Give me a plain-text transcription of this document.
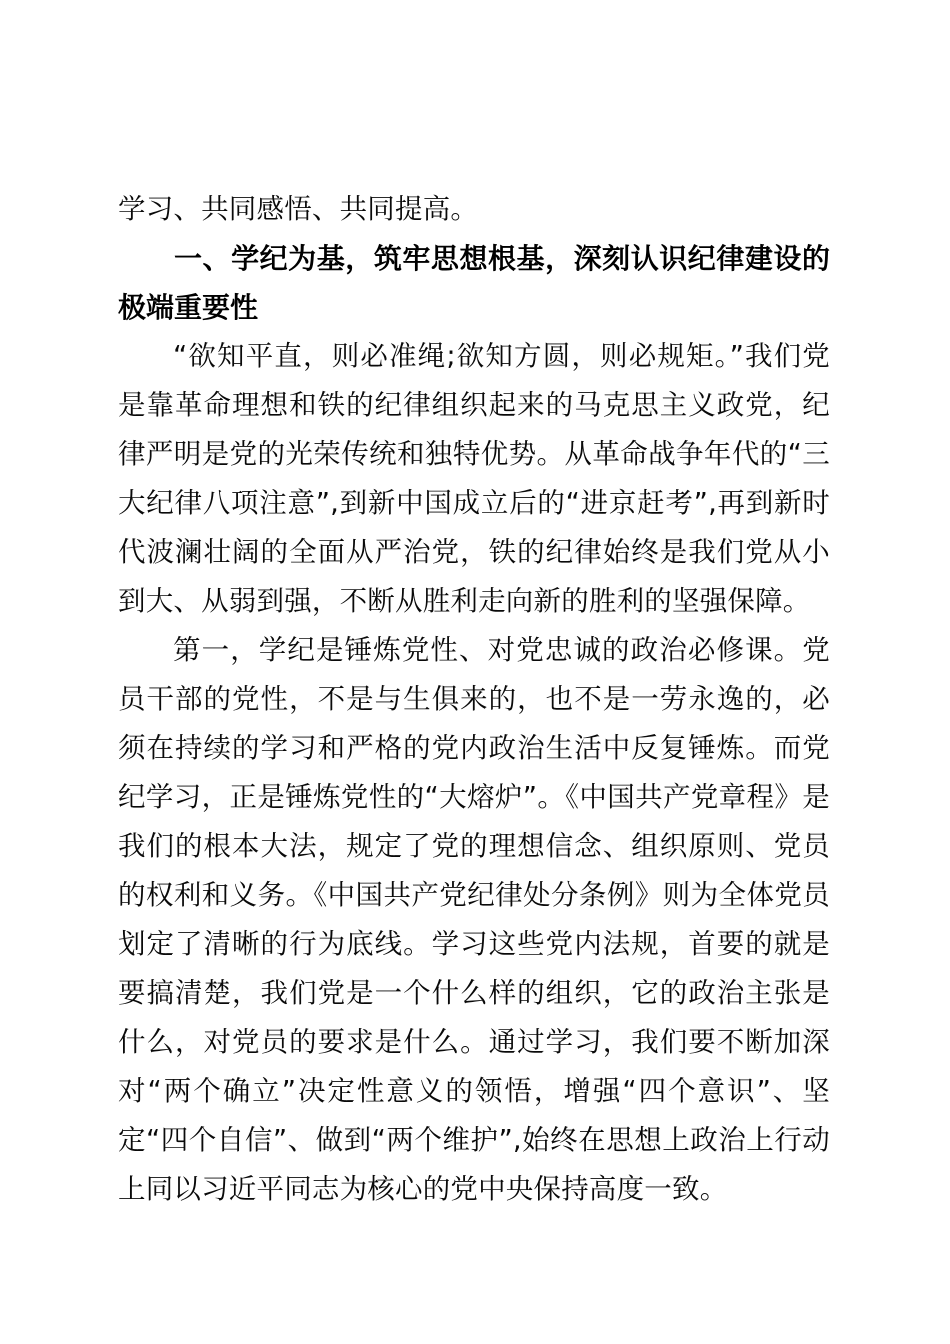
学习、共同感悟、共同提高。

一、学纪为基，筑牢思想根基，深刻认识纪律建设的极端重要性

“欲知平直，则必准绳;欲知方圆，则必规矩。”我们党是靠革命理想和铁的纪律组织起来的马克思主义政党，纪律严明是党的光荣传统和独特优势。从革命战争年代的“三大纪律八项注意”,到新中国成立后的“进京赶考”,再到新时代波澜壮阔的全面从严治党，铁的纪律始终是我们党从小到大、从弱到强，不断从胜利走向新的胜利的坚强保障。

第一，学纪是锤炼党性、对党忠诚的政治必修课。党员干部的党性，不是与生俱来的，也不是一劳永逸的，必须在持续的学习和严格的党内政治生活中反复锤炼。而党纪学习，正是锤炼党性的“大熔炉”。《中国共产党章程》是我们的根本大法，规定了党的理想信念、组织原则、党员的权利和义务。《中国共产党纪律处分条例》则为全体党员划定了清晰的行为底线。学习这些党内法规，首要的就是要搞清楚，我们党是一个什么样的组织，它的政治主张是什么，对党员的要求是什么。通过学习，我们要不断加深对“两个确立”决定性意义的领悟，增强“四个意识”、坚定“四个自信”、做到“两个维护”,始终在思想上政治上行动上同以习近平同志为核心的党中央保持高度一致。
